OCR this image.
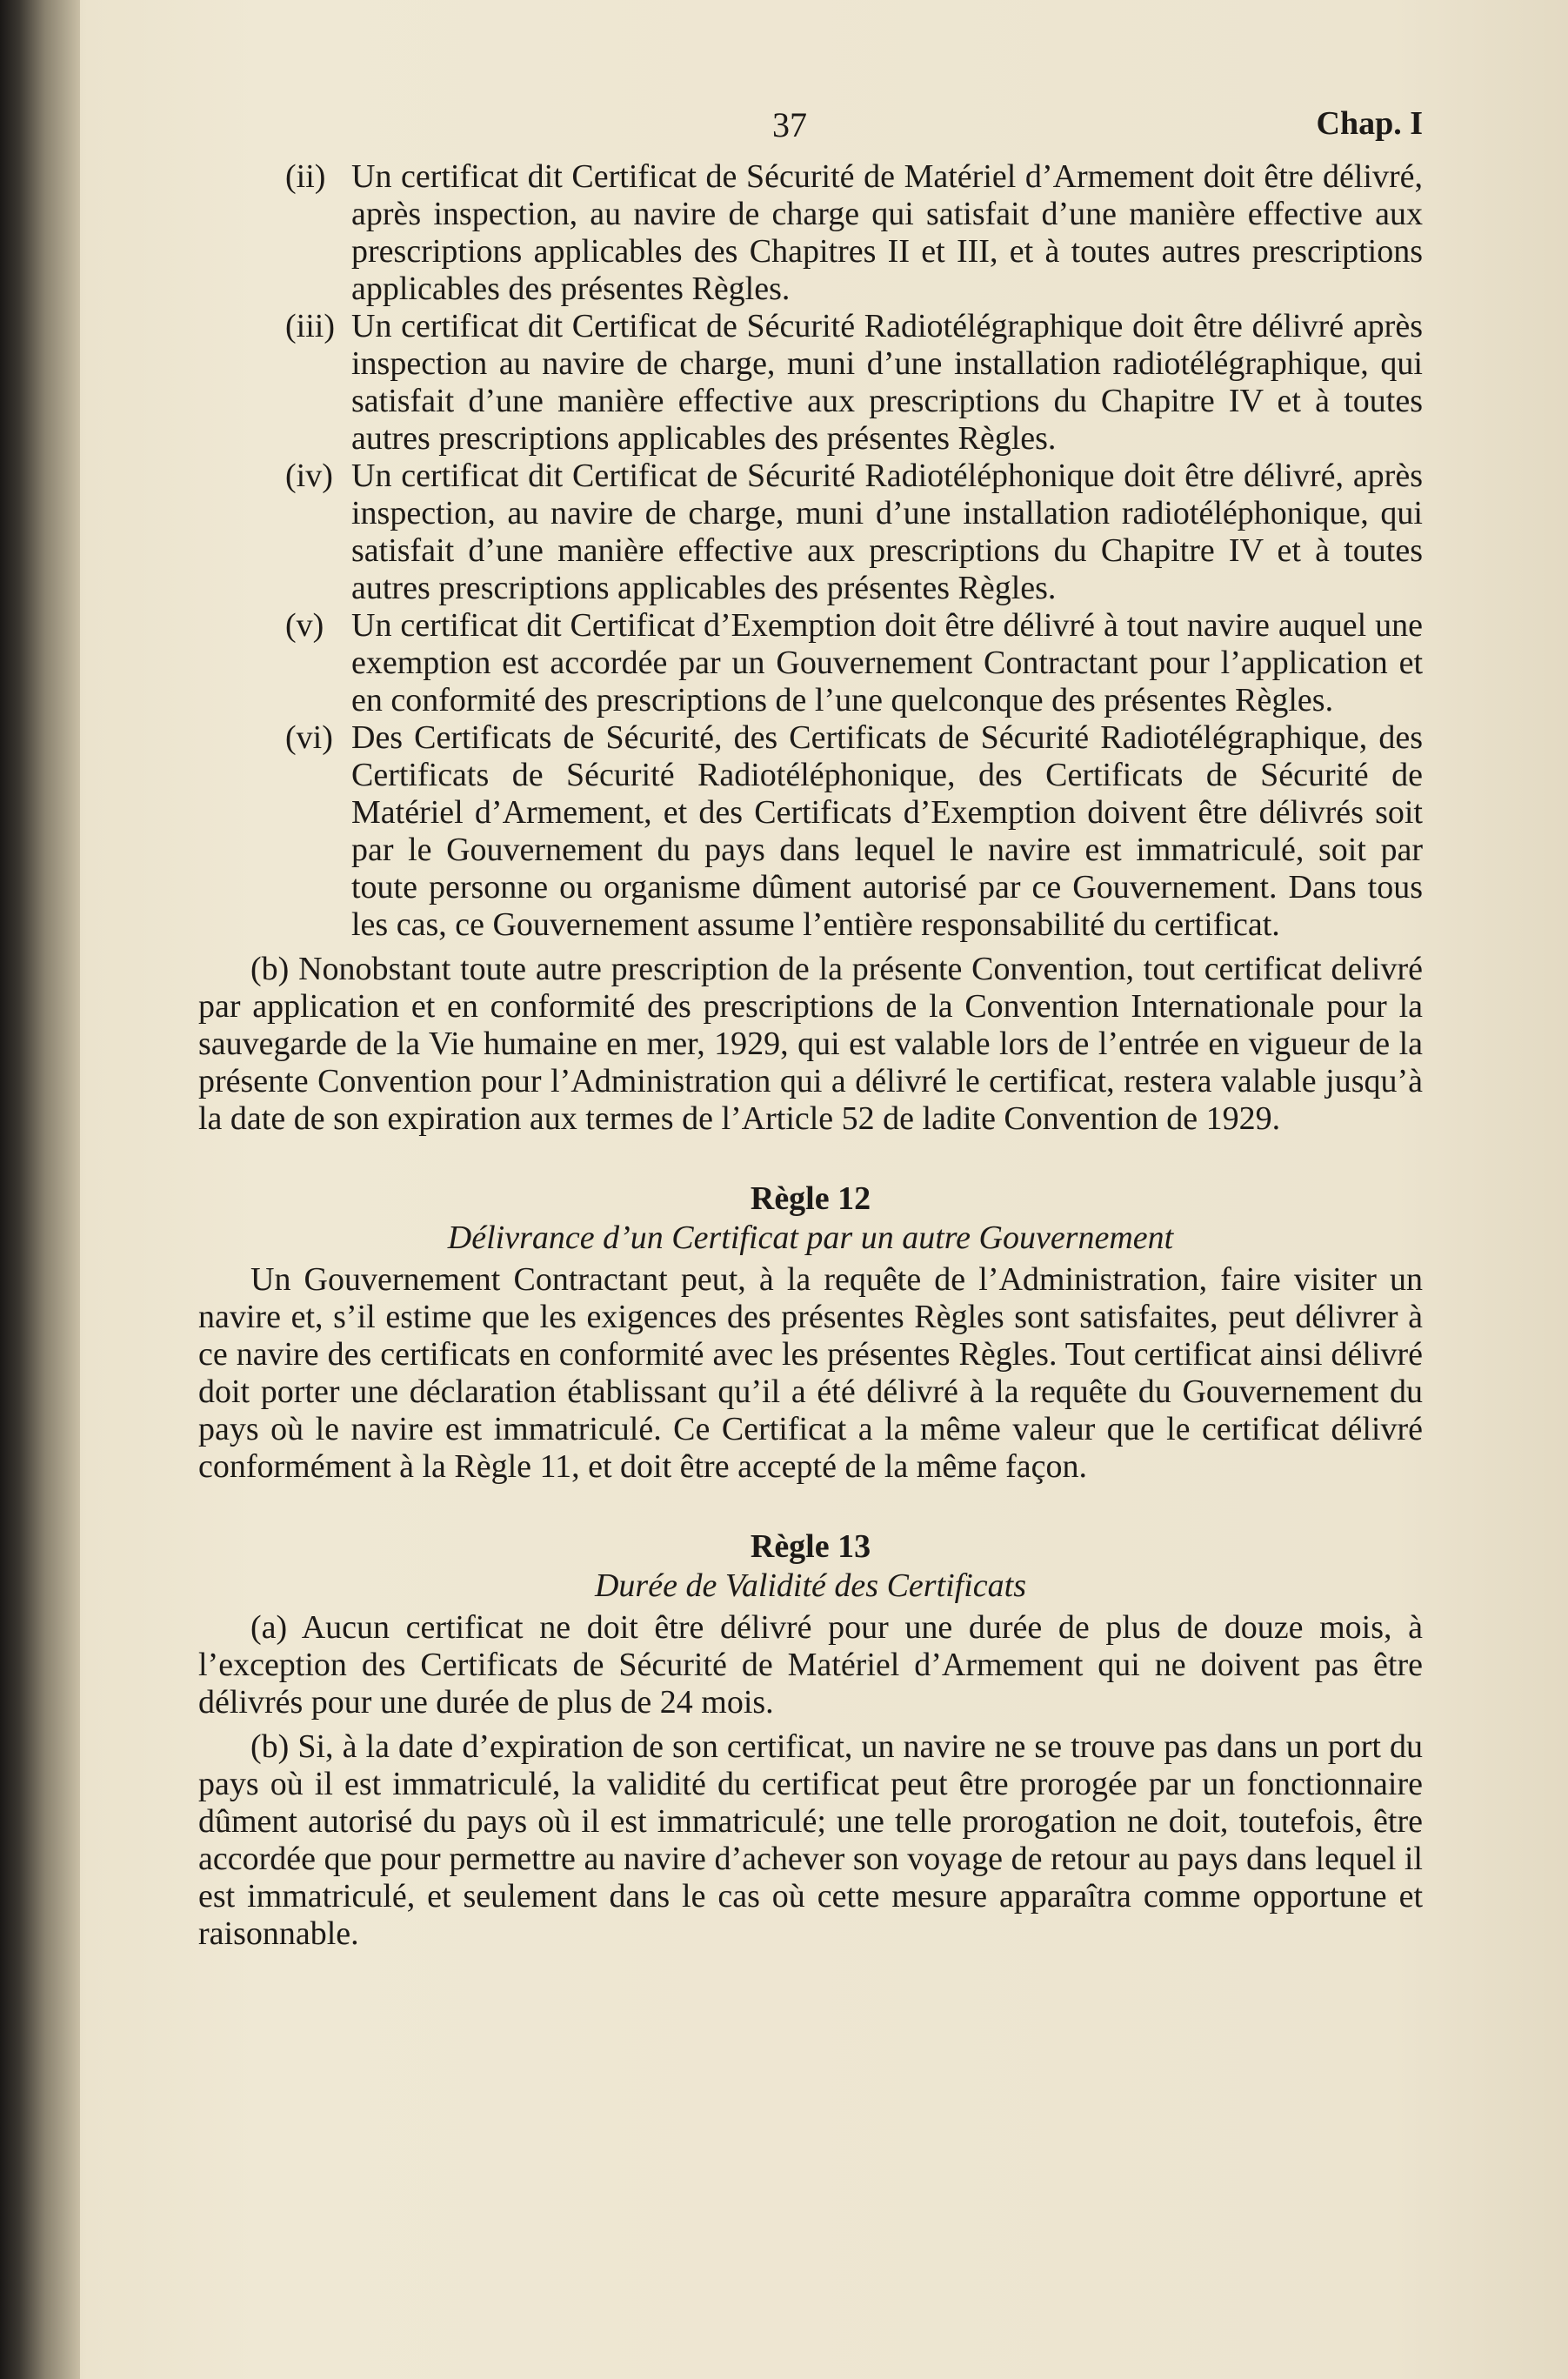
37	Chap. I
(ii) Un certificat dit Certificat de Sécurité de Matériel d’Armement doit être délivré, après inspection, au navire de charge qui satisfait d’une manière effective aux prescriptions applicables des Chapitres II et III, et à toutes autres prescriptions applicables des présentes Règles.
(iii) Un certificat dit Certificat de Sécurité Radiotélégraphique doit être délivré après inspection au navire de charge, muni d’une installation radiotélégraphique, qui satisfait d’une manière effective aux prescriptions du Chapitre IV et à toutes autres prescriptions applicables des présentes Règles.
(iv) Un certificat dit Certificat de Sécurité Radiotéléphonique doit être délivré, après inspection, au navire de charge, muni d’une installation radiotéléphonique, qui satisfait d’une manière effective aux prescriptions du Chapitre IV et à toutes autres prescriptions applicables des présentes Règles.
(v) Un certificat dit Certificat d’Exemption doit être délivré à tout navire auquel une exemption est accordée par un Gouvernement Contractant pour l’application et en conformité des prescriptions de l’une quelconque des présentes Règles.
(vi) Des Certificats de Sécurité, des Certificats de Sécurité Radiotélégraphique, des Certificats de Sécurité Radiotéléphonique, des Certificats de Sécurité de Matériel d’Armement, et des Certificats d’Exemption doivent être délivrés soit par le Gouvernement du pays dans lequel le navire est immatriculé, soit par toute personne ou organisme dûment autorisé par ce Gouvernement. Dans tous les cas, ce Gouvernement assume l’entière responsabilité du certificat.

(b) Nonobstant toute autre prescription de la présente Convention, tout certificat delivré par application et en conformité des prescriptions de la Convention Internationale pour la sauvegarde de la Vie humaine en mer, 1929, qui est valable lors de l’entrée en vigueur de la présente Convention pour l’Administration qui a délivré le certificat, restera valable jusqu’à la date de son expiration aux termes de l’Article 52 de ladite Convention de 1929.

Règle 12
Délivrance d’un Certificat par un autre Gouvernement

Un Gouvernement Contractant peut, à la requête de l’Administration, faire visiter un navire et, s’il estime que les exigences des présentes Règles sont satisfaites, peut délivrer à ce navire des certificats en conformité avec les présentes Règles. Tout certificat ainsi délivré doit porter une déclaration établissant qu’il a été délivré à la requête du Gouvernement du pays où le navire est immatriculé. Ce Certificat a la même valeur que le certificat délivré conformément à la Règle 11, et doit être accepté de la même façon.

Règle 13
Durée de Validité des Certificats

(a) Aucun certificat ne doit être délivré pour une durée de plus de douze mois, à l’exception des Certificats de Sécurité de Matériel d’Armement qui ne doivent pas être délivrés pour une durée de plus de 24 mois.

(b) Si, à la date d’expiration de son certificat, un navire ne se trouve pas dans un port du pays où il est immatriculé, la validité du certificat peut être prorogée par un fonctionnaire dûment autorisé du pays où il est immatriculé; une telle prorogation ne doit, toutefois, être accordée que pour permettre au navire d’achever son voyage de retour au pays dans lequel il est immatriculé, et seulement dans le cas où cette mesure apparaîtra comme opportune et raisonnable.
